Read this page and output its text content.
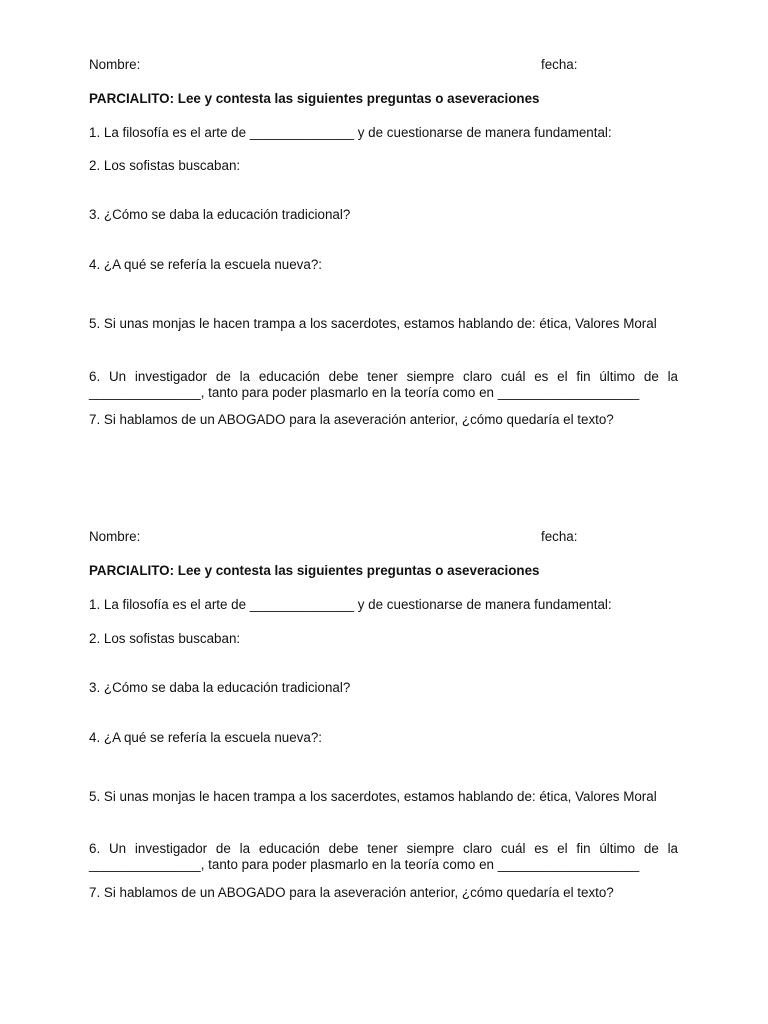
Nombre:	fecha:
PARCIALITO: Lee y contesta las siguientes preguntas o aseveraciones
1. La filosofía es el arte de ______________ y de cuestionarse de manera fundamental:
2. Los sofistas buscaban:
3. ¿Cómo se daba la educación tradicional?
4. ¿A qué se refería la escuela nueva?:
5. Si unas monjas le hacen trampa a los sacerdotes, estamos hablando de: ética, Valores Moral
6. Un investigador de la educación debe tener siempre claro cuál es el fin último de la _______________, tanto para poder plasmarlo en la teoría como en ___________________
7. Si hablamos de un ABOGADO para la aseveración anterior, ¿cómo quedaría el texto?
Nombre:	fecha:
PARCIALITO: Lee y contesta las siguientes preguntas o aseveraciones
1. La filosofía es el arte de ______________ y de cuestionarse de manera fundamental:
2. Los sofistas buscaban:
3. ¿Cómo se daba la educación tradicional?
4. ¿A qué se refería la escuela nueva?:
5. Si unas monjas le hacen trampa a los sacerdotes, estamos hablando de: ética, Valores Moral
6. Un investigador de la educación debe tener siempre claro cuál es el fin último de la _______________, tanto para poder plasmarlo en la teoría como en ___________________
7. Si hablamos de un ABOGADO para la aseveración anterior, ¿cómo quedaría el texto?
